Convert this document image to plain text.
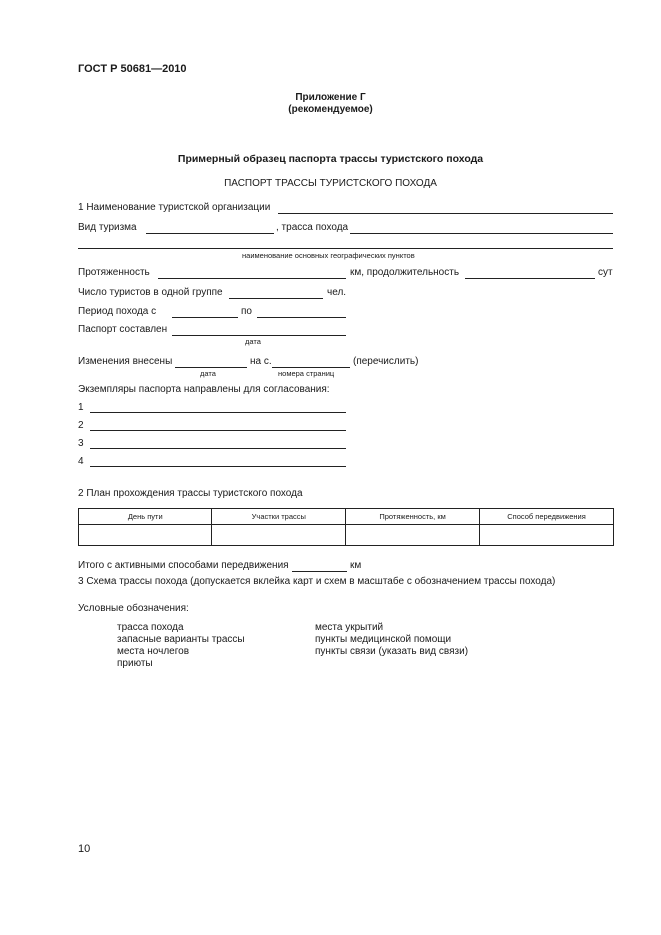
ГОСТ Р 50681—2010
Приложение Г
(рекомендуемое)
Примерный образец паспорта трассы туристского похода
ПАСПОРТ ТРАССЫ ТУРИСТСКОГО ПОХОДА
1 Наименование туристской организации
Вид туризма	, трасса похода
наименование основных географических пунктов
Протяженность	км, продолжительность	сут
Число туристов в одной группе	чел.
Период похода с	по
Паспорт составлен
дата
Изменения внесены	на с.	(перечислить)
дата	номера страниц
Экземпляры паспорта направлены для согласования:
1
2
3
4
2 План прохождения трассы туристского похода
День пути	Участки трассы	Протяженность, км	Способ передвижения

Итого с активными способами передвижения	км
3 Схема трассы похода (допускается вклейка карт и схем в масштабе с обозначением трассы похода)
Условные обозначения:
трасса похода
запасные варианты трассы
места ночлегов
приюты
места укрытий
пункты медицинской помощи
пункты связи (указать вид связи)
10
